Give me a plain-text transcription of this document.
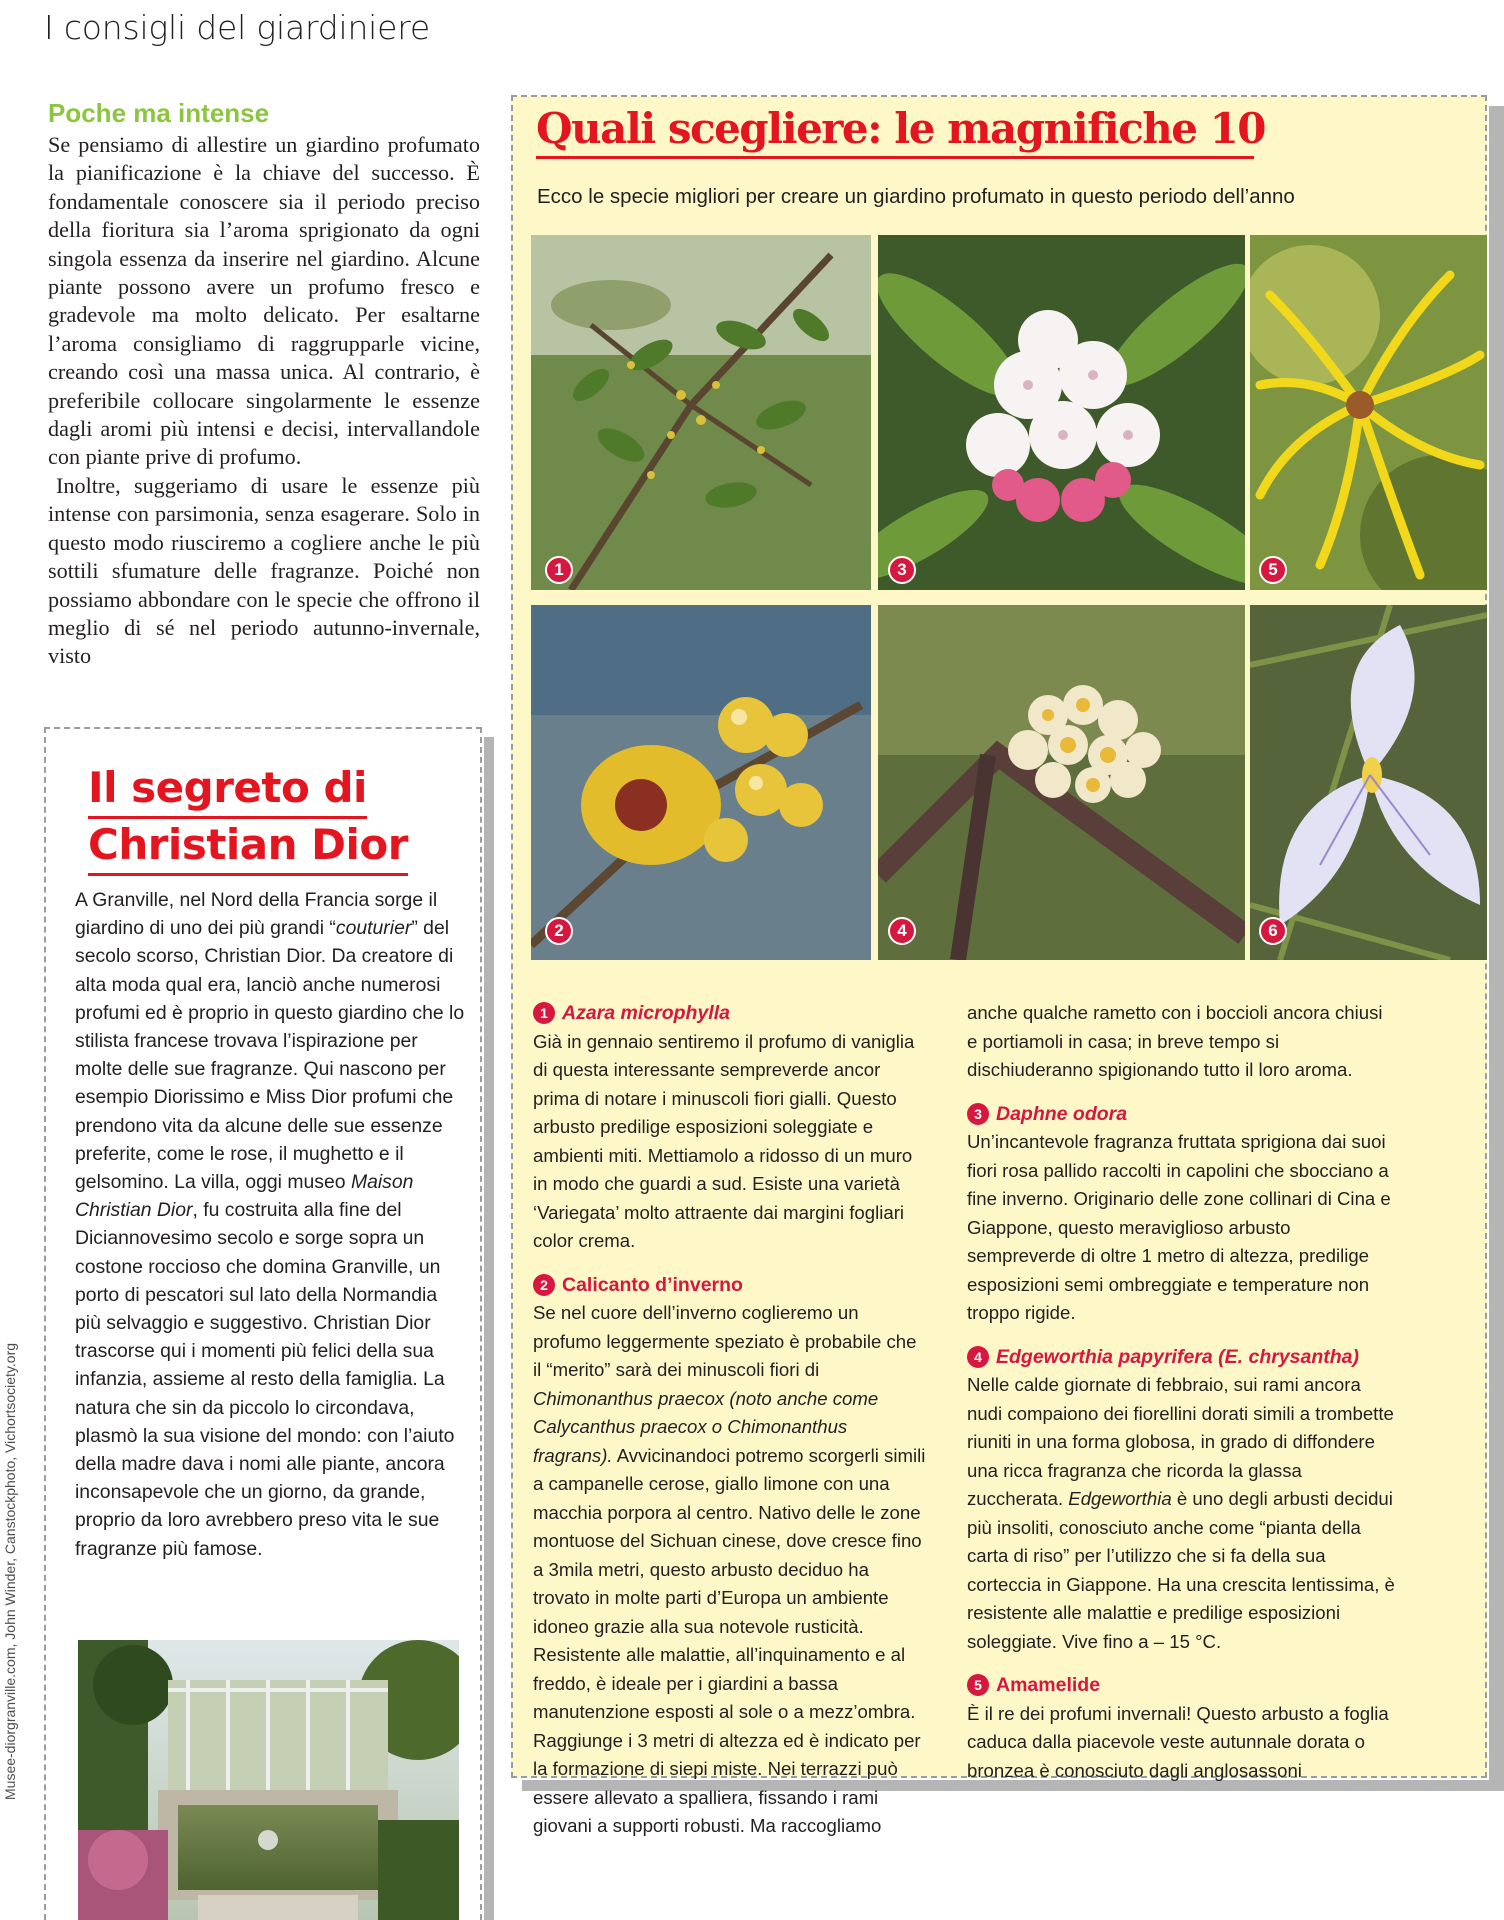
I consigli del giardiniere
Poche ma intense

Se pensiamo di allestire un giardino profumato la pianificazione è la chiave del successo. È fondamentale conoscere sia il periodo preciso della fioritura sia l’aroma sprigionato da ogni singola essenza da inserire nel giardino. Alcune piante possono avere un profumo fresco e gradevole ma molto delicato. Per esaltarne l’aroma consigliamo di raggrupparle vicine, creando così una massa unica. Al contrario, è preferibile collocare singolarmente le essenze dagli aromi più intensi e decisi, intervallandole con piante prive di profumo.

Inoltre, suggeriamo di usare le essenze più intense con parsimonia, senza esagerare. Solo in questo modo riusciremo a cogliere anche le più sottili sfumature delle fragranze. Poiché non possiamo abbondare con le specie che offrono il meglio di sé nel periodo autunno-invernale, visto

Il segreto di
Christian Dior
A Granville, nel Nord della Francia sorge il giardino di uno dei più grandi “couturier” del secolo scorso, Christian Dior. Da creatore di alta moda qual era, lanciò anche numerosi profumi ed è proprio in questo giardino che lo stilista francese trovava l’ispirazione per molte delle sue fragranze. Qui nascono per esempio Diorissimo e Miss Dior profumi che prendono vita da alcune delle sue essenze preferite, come le rose, il mughetto e il gelsomino. La villa, oggi museo Maison Christian Dior, fu costruita alla fine del Diciannovesimo secolo e sorge sopra un costone roccioso che domina Granville, un porto di pescatori sul lato della Normandia più selvaggio e suggestivo. Christian Dior trascorse qui i momenti più felici della sua infanzia, assieme al resto della famiglia. La natura che sin da piccolo lo circondava, plasmò la sua visione del mondo: con l’aiuto della madre dava i nomi alle piante, ancora inconsapevole che un giorno, da grande, proprio da loro avrebbero preso vita le sue fragranze più famose.
Musee-diorgranville.com, John Winder, Canstockphoto, Vichortsociety.org
Quali scegliere: le magnifiche 10
Ecco le specie migliori per creare un giardino profumato in questo periodo dell’anno
1	3	5
2	4	6
1 Azara microphylla
Già in gennaio sentiremo il profumo di vaniglia di questa interessante sempreverde ancor prima di notare i minuscoli fiori gialli. Questo arbusto predilige esposizioni soleggiate e ambienti miti. Mettiamolo a ridosso di un muro in modo che guardi a sud. Esiste una varietà ‘Variegata’ molto attraente dai margini fogliari color crema.
2 Calicanto d’inverno
Se nel cuore dell’inverno coglieremo un profumo leggermente speziato è probabile che il “merito” sarà dei minuscoli fiori di Chimonanthus praecox (noto anche come Calycanthus praecox o Chimonanthus fragrans). Avvicinandoci potremo scorgerli simili a campanelle cerose, giallo limone con una macchia porpora al centro. Nativo delle le zone montuose del Sichuan cinese, dove cresce fino a 3mila metri, questo arbusto deciduo ha trovato in molte parti d’Europa un ambiente idoneo grazie alla sua notevole rusticità. Resistente alle malattie, all’inquinamento e al freddo, è ideale per i giardini a bassa manutenzione esposti al sole o a mezz’ombra. Raggiunge i 3 metri di altezza ed è indicato per la formazione di siepi miste. Nei terrazzi può essere allevato a spalliera, fissando i rami giovani a supporti robusti. Ma raccogliamo
anche qualche rametto con i boccioli ancora chiusi e portiamoli in casa; in breve tempo si dischiuderanno spigionando tutto il loro aroma.
3 Daphne odora
Un’incantevole fragranza fruttata sprigiona dai suoi fiori rosa pallido raccolti in capolini che sbocciano a fine inverno. Originario delle zone collinari di Cina e Giappone, questo meraviglioso arbusto sempreverde di oltre 1 metro di altezza, predilige esposizioni semi ombreggiate e temperature non troppo rigide.
4 Edgeworthia papyrifera (E. chrysantha)
Nelle calde giornate di febbraio, sui rami ancora nudi compaiono dei fiorellini dorati simili a trombette riuniti in una forma globosa, in grado di diffondere una ricca fragranza che ricorda la glassa zuccherata. Edgeworthia è uno degli arbusti decidui più insoliti, conosciuto anche come “pianta della carta di riso” per l’utilizzo che si fa della sua corteccia in Giappone. Ha una crescita lentissima, è resistente alle malattie e predilige esposizioni soleggiate. Vive fino a – 15 °C.
5 Amamelide
È il re dei profumi invernali! Questo arbusto a foglia caduca dalla piacevole veste autunnale dorata o bronzea è conosciuto dagli anglosassoni
